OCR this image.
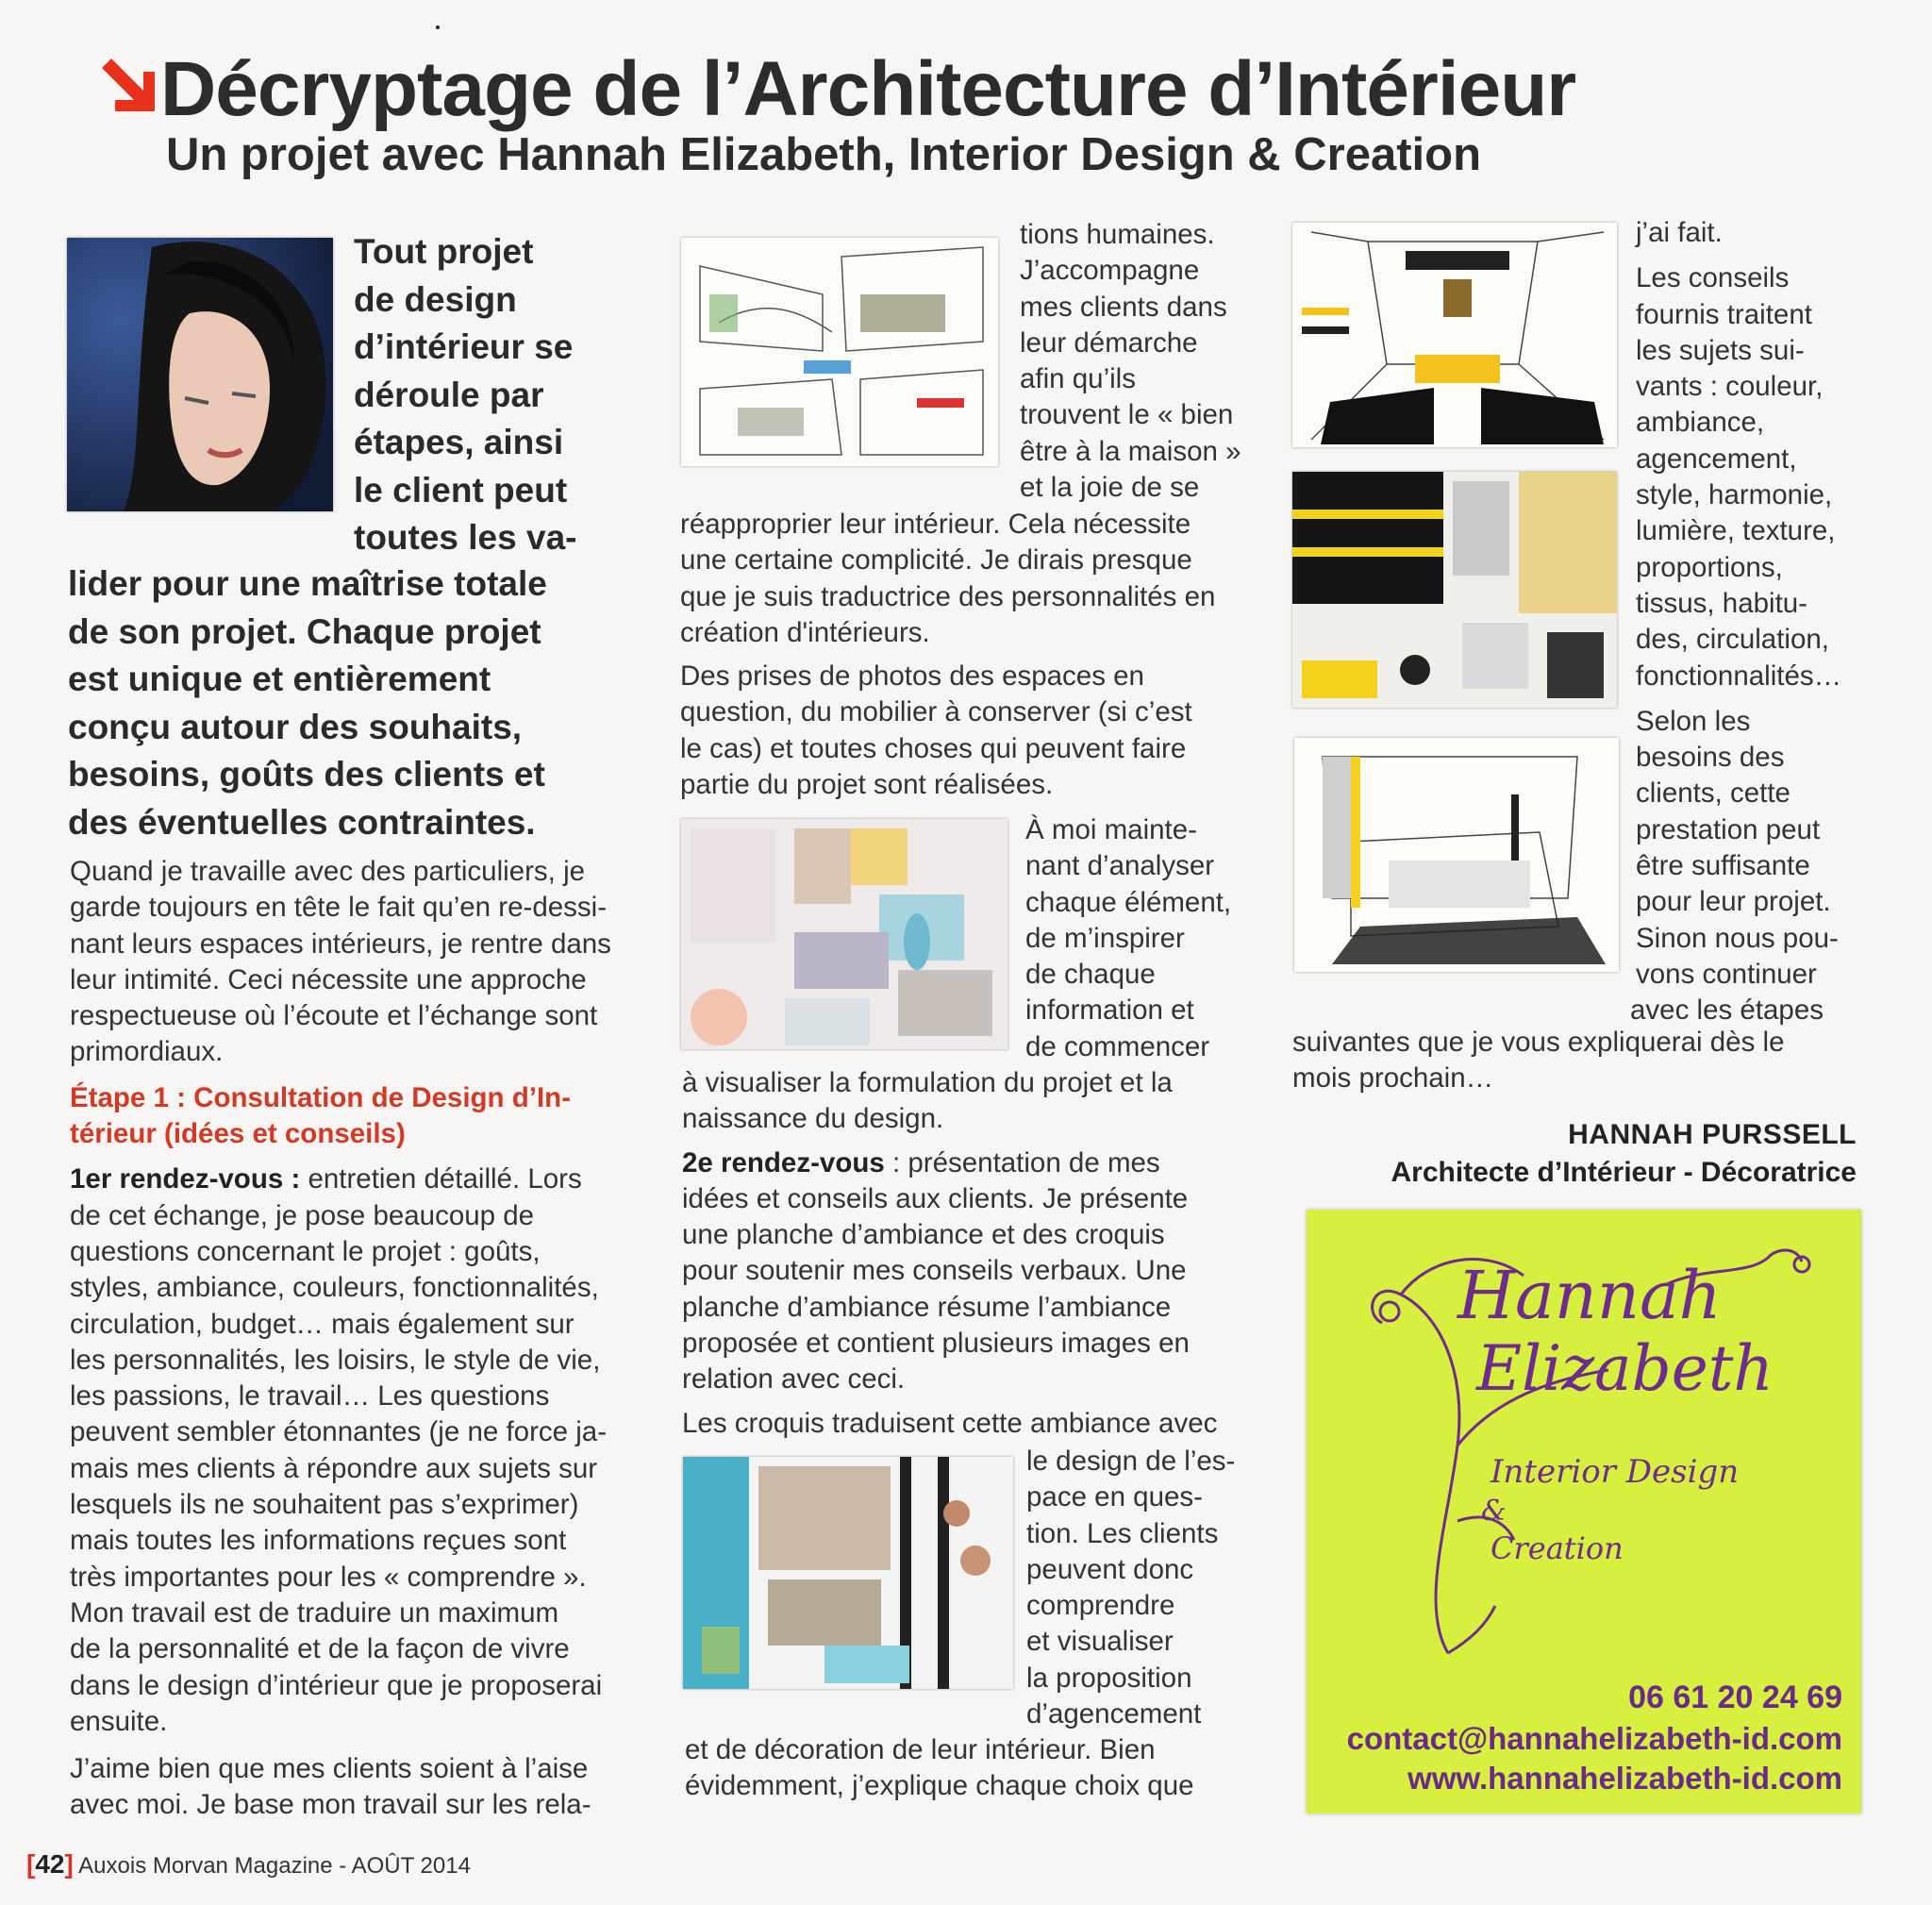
Décryptage de l’Architecture d’Intérieur
Un projet avec Hannah Elizabeth, Interior Design & Creation

Tout projet

de design

d’intérieur se

déroule par

étapes, ainsi

le client peut

toutes les va-

lider pour une maîtrise totale

de son projet. Chaque projet

est unique et entièrement

conçu autour des souhaits,

besoins, goûts des clients et

des éventuelles contraintes.

Quand je travaille avec des particuliers, je
garde toujours en tête le fait qu’en re-dessi-
nant leurs espaces intérieurs, je rentre dans
leur intimité. Ceci nécessite une approche
respectueuse où l’écoute et l’échange sont
primordiaux.
Étape 1 : Consultation de Design d’In-
térieur (idées et conseils)
1er rendez-vous : entretien détaillé. Lors
de cet échange, je pose beaucoup de
questions concernant le projet : goûts,
styles, ambiance, couleurs, fonctionnalités,
circulation, budget… mais également sur
les personnalités, les loisirs, le style de vie,
les passions, le travail… Les questions
peuvent sembler étonnantes (je ne force ja-
mais mes clients à répondre aux sujets sur
lesquels ils ne souhaitent pas s’exprimer)
mais toutes les informations reçues sont
très importantes pour les « comprendre ».
Mon travail est de traduire un maximum
de la personnalité et de la façon de vivre
dans le design d’intérieur que je proposerai
ensuite.
J’aime bien que mes clients soient à l’aise
avec moi. Je base mon travail sur les rela-
tions humaines.
J’accompagne
mes clients dans
leur démarche
afin qu’ils
trouvent le « bien
être à la maison »
et la joie de se
réapproprier leur intérieur. Cela nécessite
une certaine complicité. Je dirais presque
que je suis traductrice des personnalités en
création d'intérieurs.
Des prises de photos des espaces en
question, du mobilier à conserver (si c’est
le cas) et toutes choses qui peuvent faire
partie du projet sont réalisées.
À moi mainte-
nant d’analyser
chaque élément,
de m’inspirer
de chaque
information et
de commencer
à visualiser la formulation du projet et la
naissance du design.
2e rendez-vous : présentation de mes
idées et conseils aux clients. Je présente
une planche d’ambiance et des croquis
pour soutenir mes conseils verbaux. Une
planche d’ambiance résume l’ambiance
proposée et contient plusieurs images en
relation avec ceci.
Les croquis traduisent cette ambiance avec
le design de l’es-
pace en ques-
tion. Les clients
peuvent donc
comprendre
et visualiser
la proposition
d’agencement
et de décoration de leur intérieur. Bien
évidemment, j’explique chaque choix que
j’ai fait.
Les conseils
fournis traitent
les sujets sui-
vants : couleur,
ambiance,
agencement,
style, harmonie,
lumière, texture,
proportions,
tissus, habitu-
des, circulation,
fonctionnalités…
Selon les
besoins des
clients, cette
prestation peut
être suffisante
pour leur projet.
Sinon nous pou-
vons continuer
avec les étapes
suivantes que je vous expliquerai dès le
mois prochain…
HANNAH PURSSELL
Architecte d’Intérieur - Décoratrice
Hannah
Elizabeth
Interior Design
&
Creation
06 61 20 24 69
contact@hannahelizabeth-id.com
www.hannahelizabeth-id.com
[42] Auxois Morvan Magazine - AOÛT 2014
